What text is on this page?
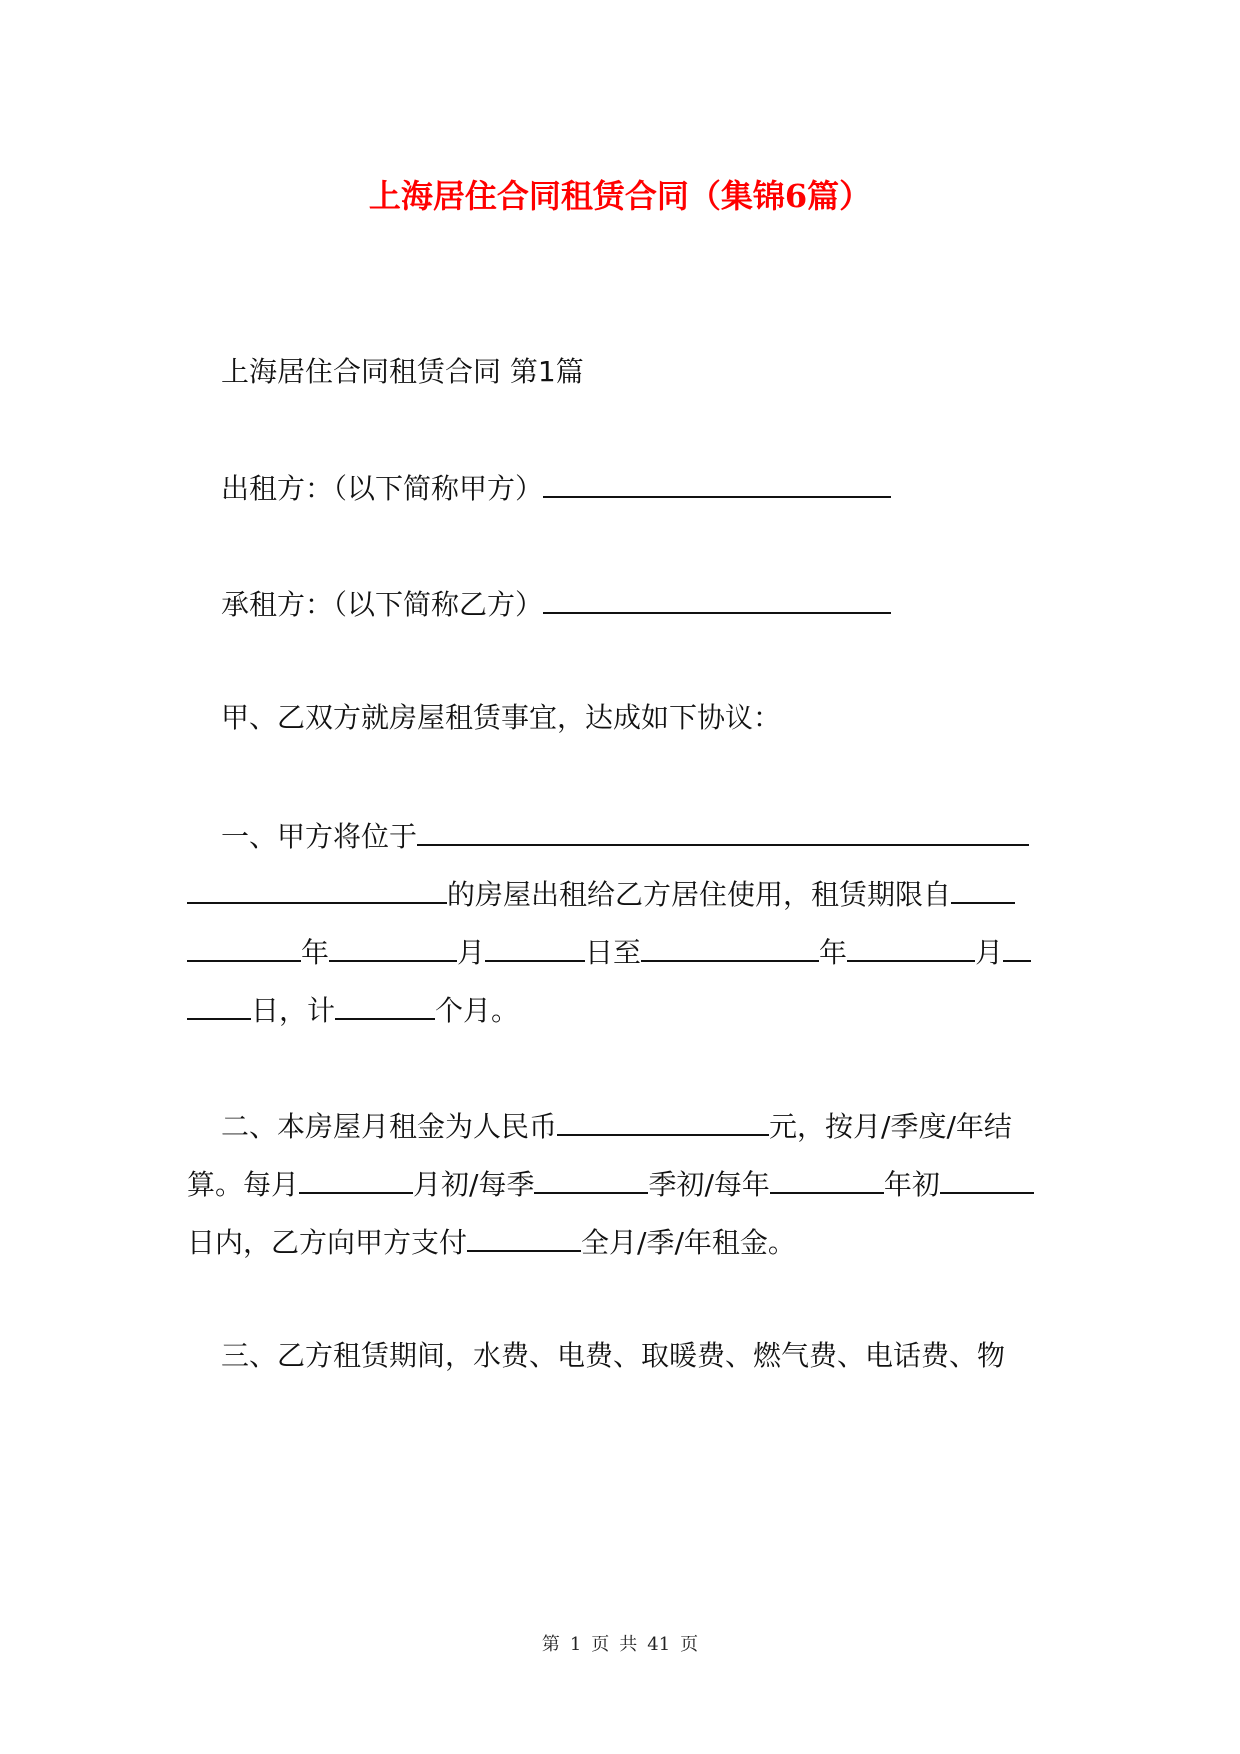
上海居住合同租赁合同（集锦6篇）
上海居住合同租赁合同 第1篇
出租方：（以下简称甲方）
承租方：（以下简称乙方）
甲、乙双方就房屋租赁事宜，达成如下协议：
一、甲方将位于
的房屋出租给乙方居住使用，租赁期限自
年	月	日至	年	月
日，计	个月。
二、本房屋月租金为人民币	元，按月/季度/年结
算。每月	月初/每季	季初/每年	年初
日内，乙方向甲方支付	全月/季/年租金。
三、乙方租赁期间，水费、电费、取暖费、燃气费、电话费、物
第 1 页 共 41 页
